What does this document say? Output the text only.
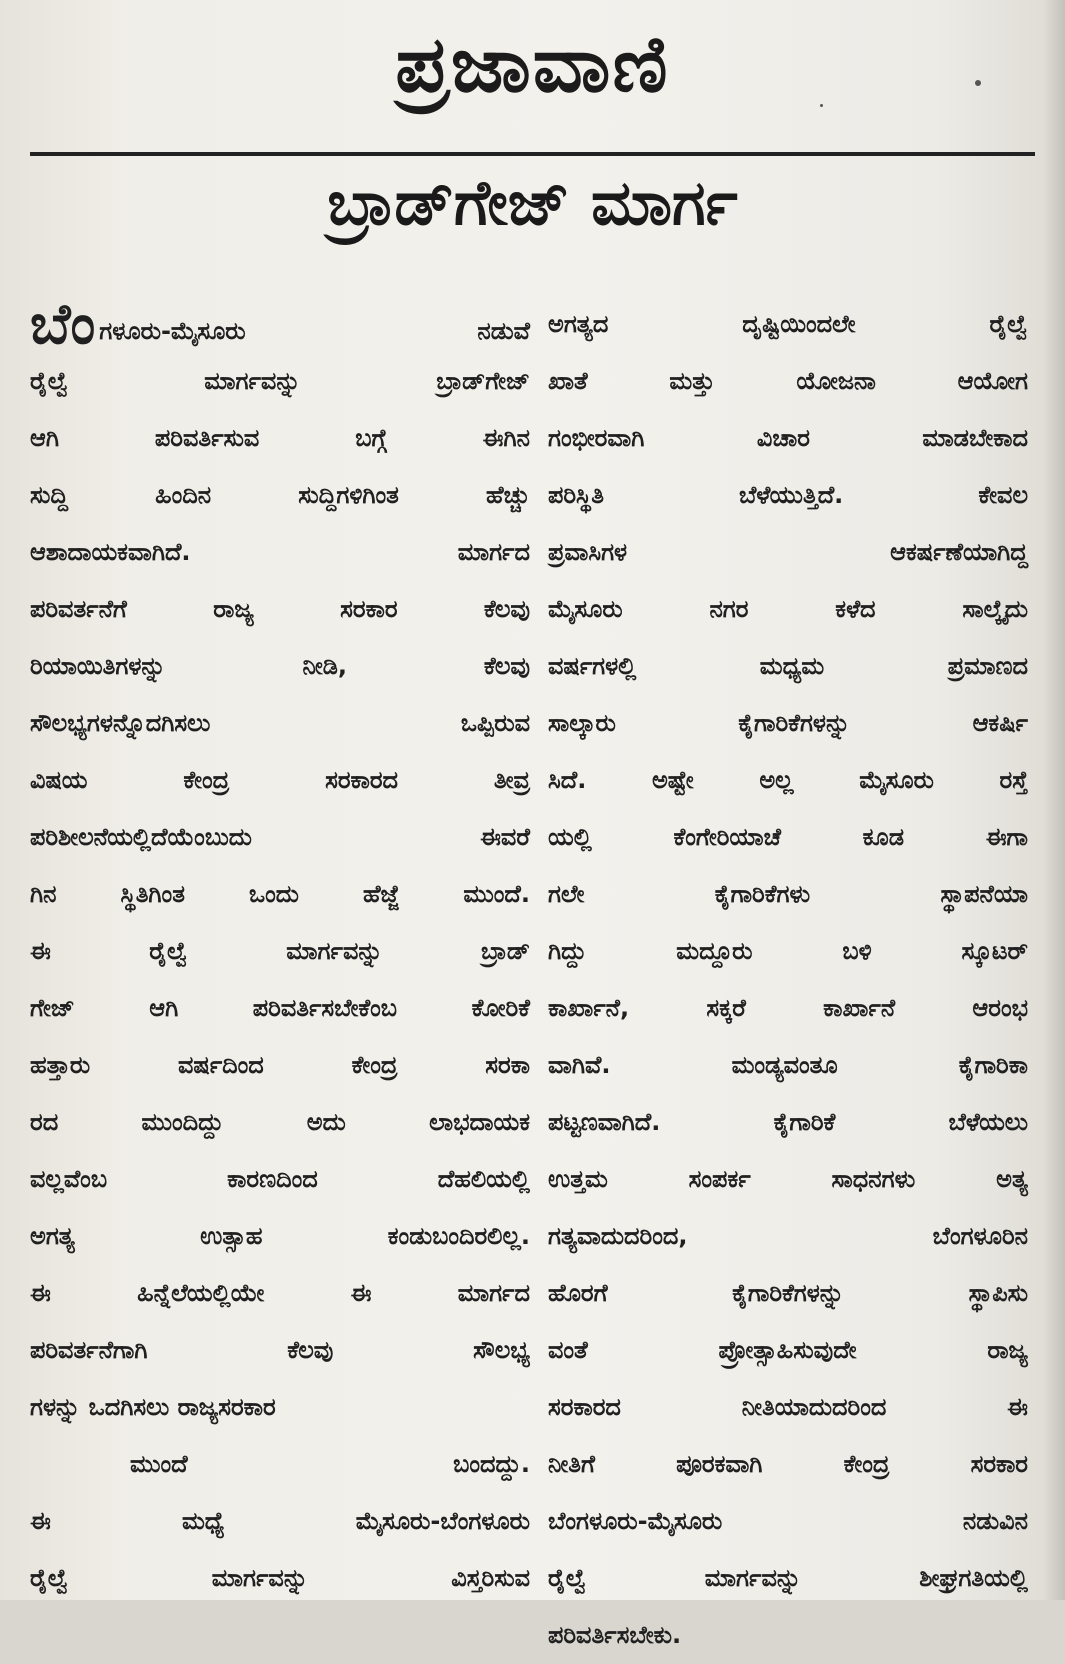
ಪ್ರಜಾವಾಣಿ
ಬ್ರಾಡ್‌ಗೇಜ್ ಮಾರ್ಗ
ಬೆಂಗಳೂರು-ಮೈಸೂರು ನಡುವೆ
ರೈಲ್ವೆ ಮಾರ್ಗವನ್ನು ಬ್ರಾಡ್‌ಗೇಜ್
ಆಗಿ ಪರಿವರ್ತಿಸುವ ಬಗ್ಗೆ ಈಗಿನ
ಸುದ್ದಿ ಹಿಂದಿನ ಸುದ್ದಿಗಳಿಗಿಂತ ಹೆಚ್ಚು
ಆಶಾದಾಯಕವಾಗಿದೆ. ಮಾರ್ಗದ
ಪರಿವರ್ತನೆಗೆ ರಾಜ್ಯ ಸರಕಾರ ಕೆಲವು
ರಿಯಾಯಿತಿಗಳನ್ನು ನೀಡಿ, ಕೆಲವು
ಸೌಲಭ್ಯಗಳನ್ನೊದಗಿಸಲು ಒಪ್ಪಿರುವ
ವಿಷಯ ಕೇಂದ್ರ ಸರಕಾರದ ತೀವ್ರ
ಪರಿಶೀಲನೆಯಲ್ಲಿದೆಯೆಂಬುದು ಈವರೆ
ಗಿನ ಸ್ಥಿತಿಗಿಂತ ಒಂದು ಹೆಜ್ಜೆ ಮುಂದೆ.
ಈ ರೈಲ್ವೆ ಮಾರ್ಗವನ್ನು ಬ್ರಾಡ್
ಗೇಜ್ ಆಗಿ ಪರಿವರ್ತಿಸಬೇಕೆಂಬ ಕೋರಿಕೆ
ಹತ್ತಾರು ವರ್ಷದಿಂದ ಕೇಂದ್ರ ಸರಕಾ
ರದ ಮುಂದಿದ್ದು ಅದು ಲಾಭದಾಯಕ
ವಲ್ಲವೆಂಬ ಕಾರಣದಿಂದ ದೆಹಲಿಯಲ್ಲಿ
ಅಗತ್ಯ ಉತ್ಸಾಹ ಕಂಡುಬಂದಿರಲಿಲ್ಲ.
ಈ ಹಿನ್ನೆಲೆಯಲ್ಲಿಯೇ ಈ ಮಾರ್ಗದ
ಪರಿವರ್ತನೆಗಾಗಿ ಕೆಲವು ಸೌಲಭ್ಯ
ಗಳನ್ನು ಒದಗಿಸಲು ರಾಜ್ಯಸರಕಾರ
ಮುಂದೆ ಬಂದದ್ದು.
ಈ ಮಧ್ಯೆ ಮೈಸೂರು-ಬೆಂಗಳೂರು
ರೈಲ್ವೆ ಮಾರ್ಗವನ್ನು ವಿಸ್ತರಿಸುವ
ಅಗತ್ಯದ ದೃಷ್ಟಿಯಿಂದಲೇ ರೈಲ್ವೆ
ಖಾತೆ ಮತ್ತು ಯೋಜನಾ ಆಯೋಗ
ಗಂಭೀರವಾಗಿ ವಿಚಾರ ಮಾಡಬೇಕಾದ
ಪರಿಸ್ಥಿತಿ ಬೆಳೆಯುತ್ತಿದೆ. ಕೇವಲ
ಪ್ರವಾಸಿಗಳ ಆಕರ್ಷಣೆಯಾಗಿದ್ದ
ಮೈಸೂರು ನಗರ ಕಳೆದ ಸಾಲ್ಕೈದು
ವರ್ಷಗಳಲ್ಲಿ ಮಧ್ಯಮ ಪ್ರಮಾಣದ
ಸಾಲ್ಕಾರು ಕೈಗಾರಿಕೆಗಳನ್ನು ಆಕರ್ಷಿ
ಸಿದೆ. ಅಷ್ಟೇ ಅಲ್ಲ ಮೈಸೂರು ರಸ್ತೆ
ಯಲ್ಲಿ ಕೆಂಗೇರಿಯಾಚೆ ಕೂಡ ಈಗಾ
ಗಲೇ ಕೈಗಾರಿಕೆಗಳು ಸ್ಥಾಪನೆಯಾ
ಗಿದ್ದು ಮದ್ದೂರು ಬಳಿ ಸ್ಕೂಟರ್
ಕಾರ್ಖಾನೆ, ಸಕ್ಕರೆ ಕಾರ್ಖಾನೆ ಆರಂಭ
ವಾಗಿವೆ. ಮಂಡ್ಯವಂತೂ ಕೈಗಾರಿಕಾ
ಪಟ್ಟಣವಾಗಿದೆ. ಕೈಗಾರಿಕೆ ಬೆಳೆಯಲು
ಉತ್ತಮ ಸಂಪರ್ಕ ಸಾಧನಗಳು ಅತ್ಯ
ಗತ್ಯವಾದುದರಿಂದ, ಬೆಂಗಳೂರಿನ
ಹೊರಗೆ ಕೈಗಾರಿಕೆಗಳನ್ನು ಸ್ಥಾಪಿಸು
ವಂತೆ ಪ್ರೋತ್ಸಾಹಿಸುವುದೇ ರಾಜ್ಯ
ಸರಕಾರದ ನೀತಿಯಾದುದರಿಂದ ಈ
ನೀತಿಗೆ ಪೂರಕವಾಗಿ ಕೇಂದ್ರ ಸರಕಾರ
ಬೆಂಗಳೂರು-ಮೈಸೂರು ನಡುವಿನ
ರೈಲ್ವೆ ಮಾರ್ಗವನ್ನು ಶೀಘ್ರಗತಿಯಲ್ಲಿ
ಪರಿವರ್ತಿಸಬೇಕು.
